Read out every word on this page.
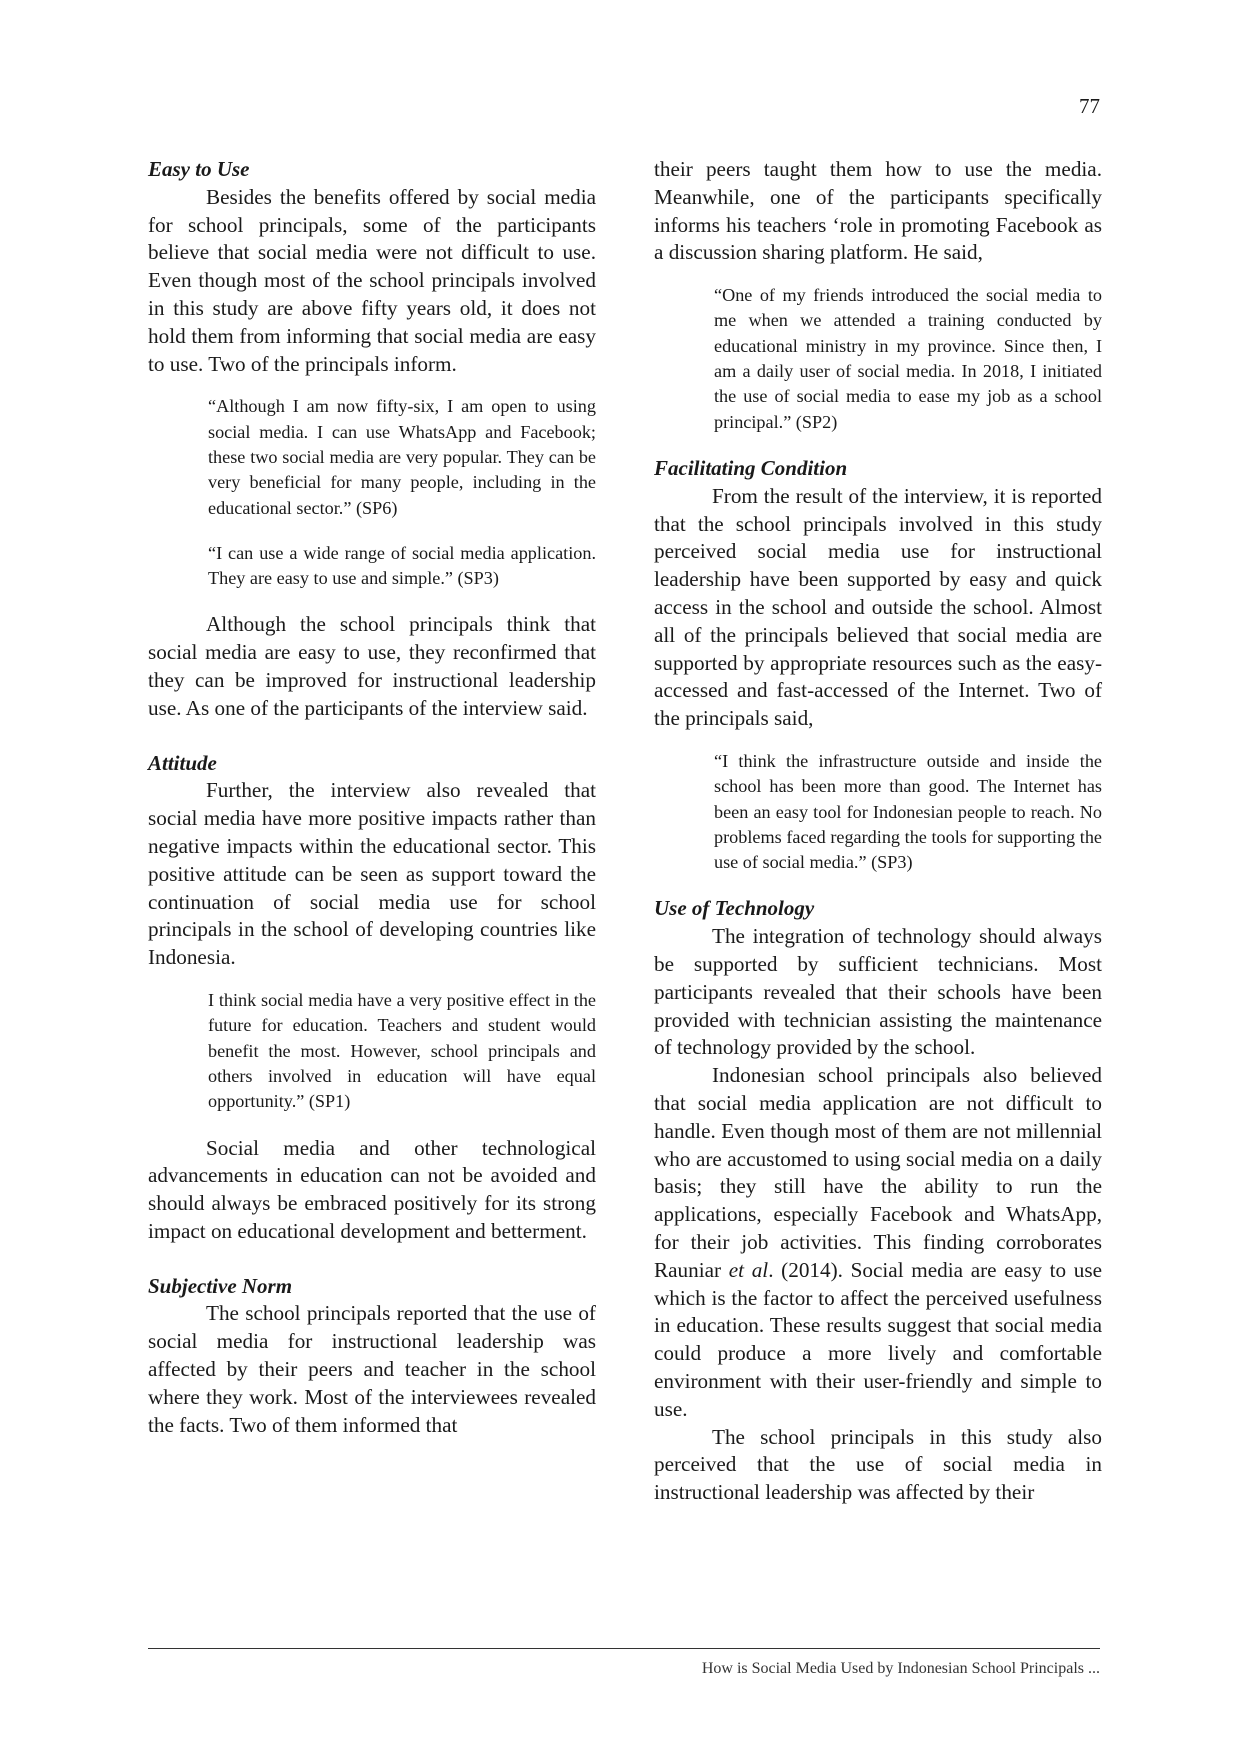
77
Easy to Use

Besides the benefits offered by social media for school principals, some of the participants believe that social media were not difficult to use. Even though most of the school principals involved in this study are above fifty years old, it does not hold them from informing that social media are easy to use. Two of the principals inform.

“Although I am now fifty-six, I am open to using social media. I can use WhatsApp and Facebook; these two social media are very popular. They can be very beneficial for many people, including in the educational sector.” (SP6)
“I can use a wide range of social media application. They are easy to use and simple.” (SP3)

Although the school principals think that social media are easy to use, they reconfirmed that they can be improved for instructional leadership use. As one of the participants of the interview said.

Attitude

Further, the interview also revealed that social media have more positive impacts rather than negative impacts within the educational sector. This positive attitude can be seen as support toward the continuation of social media use for school principals in the school of developing countries like Indonesia.

I think social media have a very positive effect in the future for education. Teachers and student would benefit the most. However, school principals and others involved in education will have equal opportunity.” (SP1)

Social media and other technological advancements in education can not be avoided and should always be embraced positively for its strong impact on educational development and betterment.

Subjective Norm

The school principals reported that the use of social media for instructional leadership was affected by their peers and teacher in the school where they work. Most of the interviewees revealed the facts. Two of them informed that

their peers taught them how to use the media. Meanwhile, one of the participants specifically informs his teachers ‘role in promoting Facebook as a discussion sharing platform. He said,

“One of my friends introduced the social media to me when we attended a training conducted by educational ministry in my province. Since then, I am a daily user of social media. In 2018, I initiated the use of social media to ease my job as a school principal.” (SP2)
Facilitating Condition

From the result of the interview, it is reported that the school principals involved in this study perceived social media use for instructional leadership have been supported by easy and quick access in the school and outside the school. Almost all of the principals believed that social media are supported by appropriate resources such as the easy-accessed and fast-accessed of the Internet. Two of the principals said,

“I think the infrastructure outside and inside the school has been more than good. The Internet has been an easy tool for Indonesian people to reach. No problems faced regarding the tools for supporting the use of social media.” (SP3)
Use of Technology

The integration of technology should always be supported by sufficient technicians. Most participants revealed that their schools have been provided with technician assisting the maintenance of technology provided by the school.

Indonesian school principals also believed that social media application are not difficult to handle. Even though most of them are not millennial who are accustomed to using social media on a daily basis; they still have the ability to run the applications, especially Facebook and WhatsApp, for their job activities. This finding corroborates Rauniar et al. (2014). Social media are easy to use which is the factor to affect the perceived usefulness in education. These results suggest that social media could produce a more lively and comfortable environment with their user-friendly and simple to use.

The school principals in this study also perceived that the use of social media in instructional leadership was affected by their

How is Social Media Used by Indonesian School Principals ...
